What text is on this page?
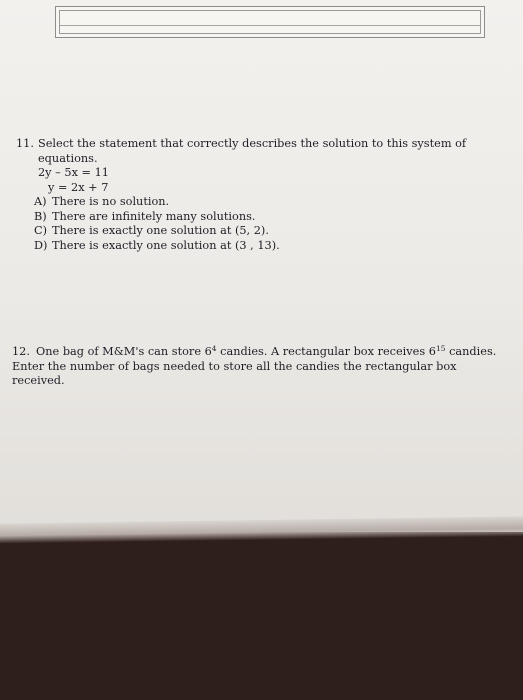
11. Select the statement that correctly describes the solution to this system of
equations.
2y – 5x = 11
y = 2x + 7
A) There is no solution.
B) There are infinitely many solutions.
C) There is exactly one solution at (5, 2).
D) There is exactly one solution at (3 , 13).
12. One bag of M&M's can store $6^4$ candies. A rectangular box receives $6^{15}$ candies.
Enter the number of bags needed to store all the candies the rectangular box
received.
